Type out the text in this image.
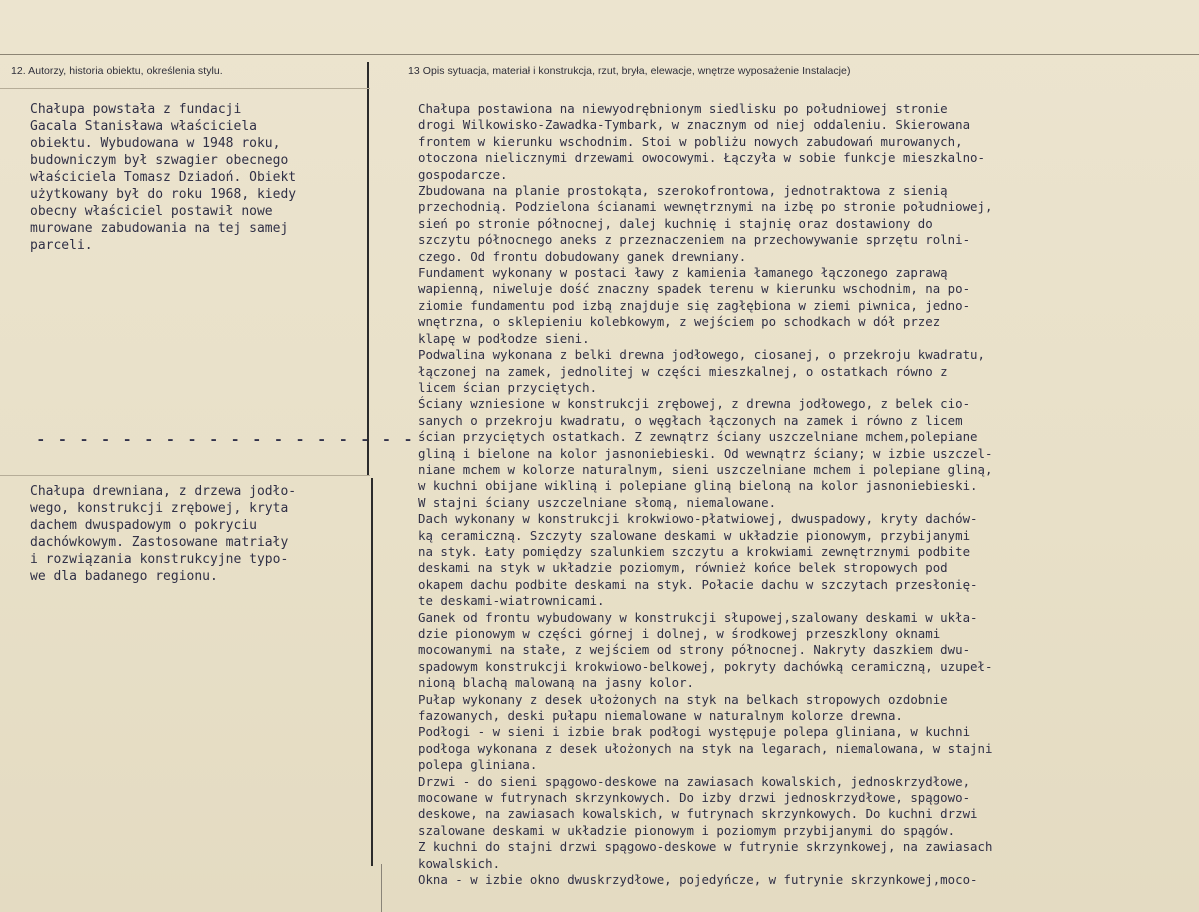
12. Autorzy, historia obiektu, określenia stylu.	13 Opis sytuacja, materiał i konstrukcja, rzut, bryła, elewacje, wnętrze wyposażenie Instalacje)

Chałupa powstała z fundacji
Gacala Stanisława właściciela
obiektu. Wybudowana w 1948 roku,
budowniczym był szwagier obecnego
właściciela Tomasz Dziadoń. Obiekt
użytkowany był do roku 1968, kiedy
obecny właściciel postawił nowe
murowane zabudowania na tej samej
parceli.

- - - - - - - - - - - - - - - - - -

Chałupa drewniana, z drzewa jodło-
wego, konstrukcji zrębowej, kryta
dachem dwuspadowym o pokryciu
dachówkowym. Zastosowane matriały
i rozwiązania konstrukcyjne typo-
we dla badanego regionu.
Chałupa postawiona na niewyodrębnionym siedlisku po południowej stronie
drogi Wilkowisko-Zawadka-Tymbark, w znacznym od niej oddaleniu. Skierowana
frontem w kierunku wschodnim. Stoi w pobliżu nowych zabudowań murowanych,
otoczona nielicznymi drzewami owocowymi. Łączyła w sobie funkcje mieszkalno-
gospodarcze.
Zbudowana na planie prostokąta, szerokofrontowa, jednotraktowa z sienią
przechodnią. Podzielona ścianami wewnętrznymi na izbę po stronie południowej,
sień po stronie północnej, dalej kuchnię i stajnię oraz dostawiony do
szczytu północnego aneks z przeznaczeniem na przechowywanie sprzętu rolni-
czego. Od frontu dobudowany ganek drewniany.
Fundament wykonany w postaci ławy z kamienia łamanego łączonego zaprawą
wapienną, niweluje dość znaczny spadek terenu w kierunku wschodnim, na po-
ziomie fundamentu pod izbą znajduje się zagłębiona w ziemi piwnica, jedno-
wnętrzna, o sklepieniu kolebkowym, z wejściem po schodkach w dół przez
klapę w podłodze sieni.
Podwalina wykonana z belki drewna jodłowego, ciosanej, o przekroju kwadratu,
łączonej na zamek, jednolitej w części mieszkalnej, o ostatkach równo z
licem ścian przyciętych.
Ściany wzniesione w konstrukcji zrębowej, z drewna jodłowego, z belek cio-
sanych o przekroju kwadratu, o węgłach łączonych na zamek i równo z licem
ścian przyciętych ostatkach. Z zewnątrz ściany uszczelniane mchem,polepiane
gliną i bielone na kolor jasnoniebieski. Od wewnątrz ściany; w izbie uszczel-
niane mchem w kolorze naturalnym, sieni uszczelniane mchem i polepiane gliną,
w kuchni obijane wikliną i polepiane gliną bieloną na kolor jasnoniebieski.
W stajni ściany uszczelniane słomą, niemalowane.
Dach wykonany w konstrukcji krokwiowo-płatwiowej, dwuspadowy, kryty dachów-
ką ceramiczną. Szczyty szalowane deskami w układzie pionowym, przybijanymi
na styk. Łaty pomiędzy szalunkiem szczytu a krokwiami zewnętrznymi podbite
deskami na styk w układzie poziomym, również końce belek stropowych pod
okapem dachu podbite deskami na styk. Połacie dachu w szczytach przesłonię-
te deskami-wiatrownicami.
Ganek od frontu wybudowany w konstrukcji słupowej,szalowany deskami w ukła-
dzie pionowym w części górnej i dolnej, w środkowej przeszklony oknami
mocowanymi na stałe, z wejściem od strony północnej. Nakryty daszkiem dwu-
spadowym konstrukcji krokwiowo-belkowej, pokryty dachówką ceramiczną, uzupeł-
nioną blachą malowaną na jasny kolor.
Pułap wykonany z desek ułożonych na styk na belkach stropowych ozdobnie
fazowanych, deski pułapu niemalowane w naturalnym kolorze drewna.
Podłogi - w sieni i izbie brak podłogi występuje polepa gliniana, w kuchni
podłoga wykonana z desek ułożonych na styk na legarach, niemalowana, w stajni
polepa gliniana.
Drzwi - do sieni spągowo-deskowe na zawiasach kowalskich, jednoskrzydłowe,
mocowane w futrynach skrzynkowych. Do izby drzwi jednoskrzydłowe, spągowo-
deskowe, na zawiasach kowalskich, w futrynach skrzynkowych. Do kuchni drzwi
szalowane deskami w układzie pionowym i poziomym przybijanymi do spągów.
Z kuchni do stajni drzwi spągowo-deskowe w futrynie skrzynkowej, na zawiasach
kowalskich.
Okna - w izbie okno dwuskrzydłowe, pojedyńcze, w futrynie skrzynkowej,moco-
